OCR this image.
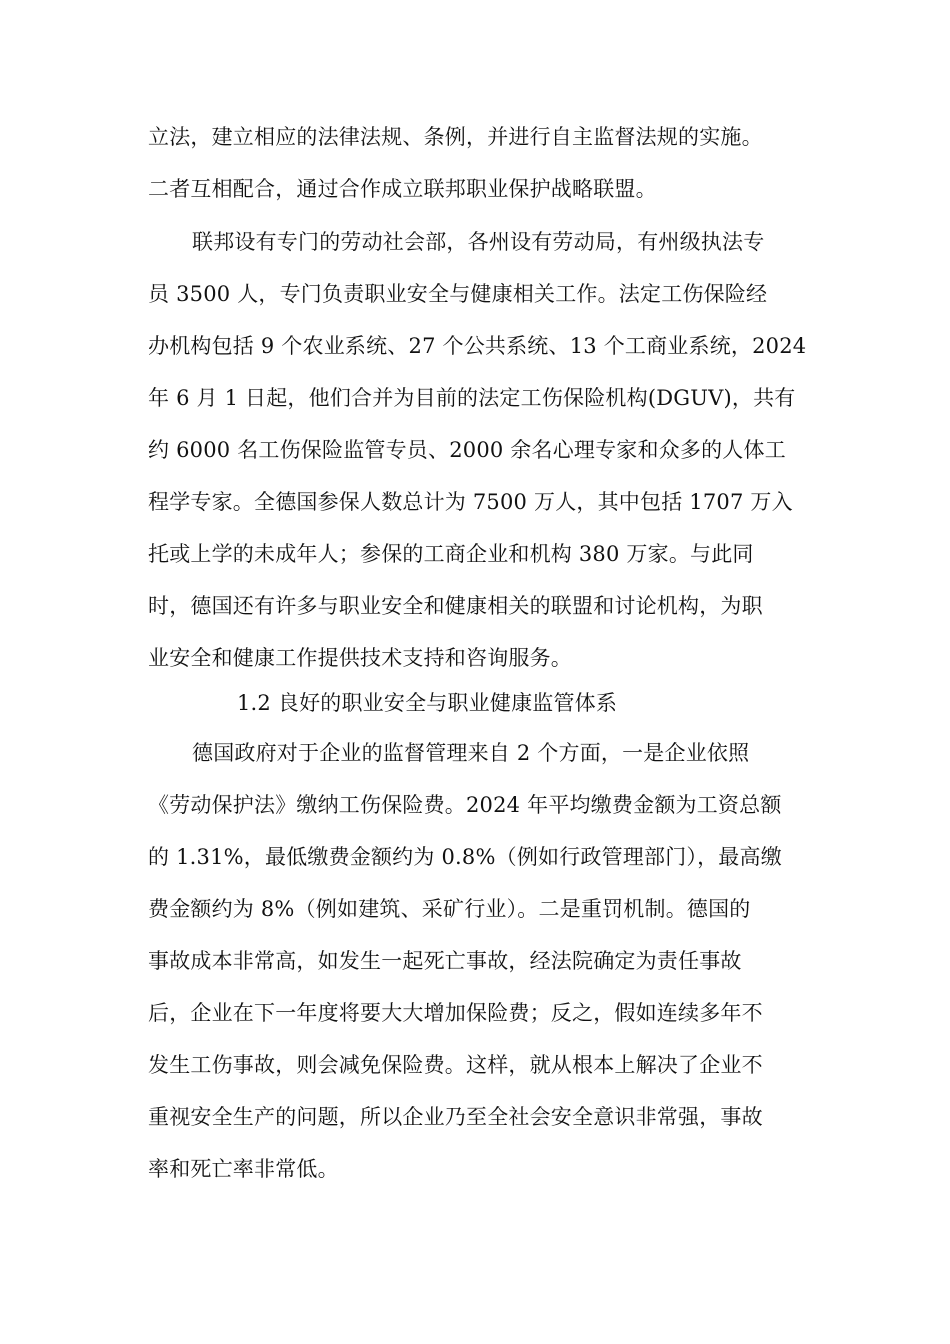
立法，建立相应的法律法规、条例，并进行自主监督法规的实施。
二者互相配合，通过合作成立联邦职业保护战略联盟。
联邦设有专门的劳动社会部，各州设有劳动局，有州级执法专
员 3500 人，专门负责职业安全与健康相关工作。法定工伤保险经
办机构包括 9 个农业系统、27 个公共系统、13 个工商业系统，2024
年 6 月 1 日起，他们合并为目前的法定工伤保险机构(DGUV)，共有
约 6000 名工伤保险监管专员、2000 余名心理专家和众多的人体工
程学专家。全德国参保人数总计为 7500 万人，其中包括 1707 万入
托或上学的未成年人；参保的工商企业和机构 380 万家。与此同
时，德国还有许多与职业安全和健康相关的联盟和讨论机构，为职
业安全和健康工作提供技术支持和咨询服务。
1.2 良好的职业安全与职业健康监管体系
德国政府对于企业的监督管理来自 2 个方面，一是企业依照
《劳动保护法》缴纳工伤保险费。2024 年平均缴费金额为工资总额
的 1.31%，最低缴费金额约为 0.8%（例如行政管理部门），最高缴
费金额约为 8%（例如建筑、采矿行业）。二是重罚机制。德国的
事故成本非常高，如发生一起死亡事故，经法院确定为责任事故
后，企业在下一年度将要大大增加保险费；反之，假如连续多年不
发生工伤事故，则会减免保险费。这样，就从根本上解决了企业不
重视安全生产的问题，所以企业乃至全社会安全意识非常强，事故
率和死亡率非常低。
